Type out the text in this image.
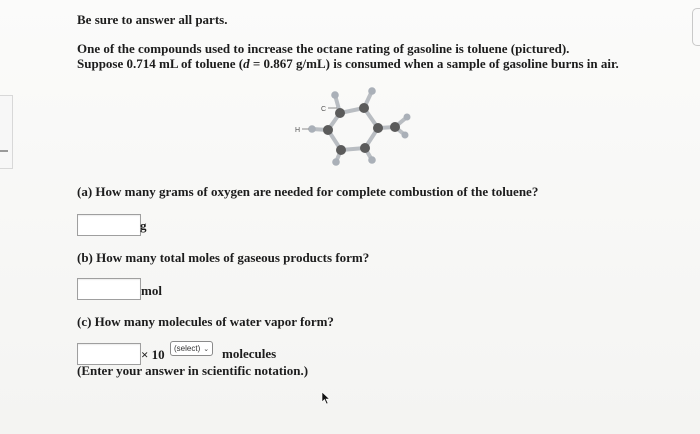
Be sure to answer all parts.
One of the compounds used to increase the octane rating of gasoline is toluene (pictured).
Suppose 0.714 mL of toluene (d = 0.867 g/mL) is consumed when a sample of gasoline burns in air.
C
H
(a) How many grams of oxygen are needed for complete combustion of the toluene?
g
(b) How many total moles of gaseous products form?
mol
(c) How many molecules of water vapor form?
× 10 (select) ⌄ molecules
(Enter your answer in scientific notation.)
